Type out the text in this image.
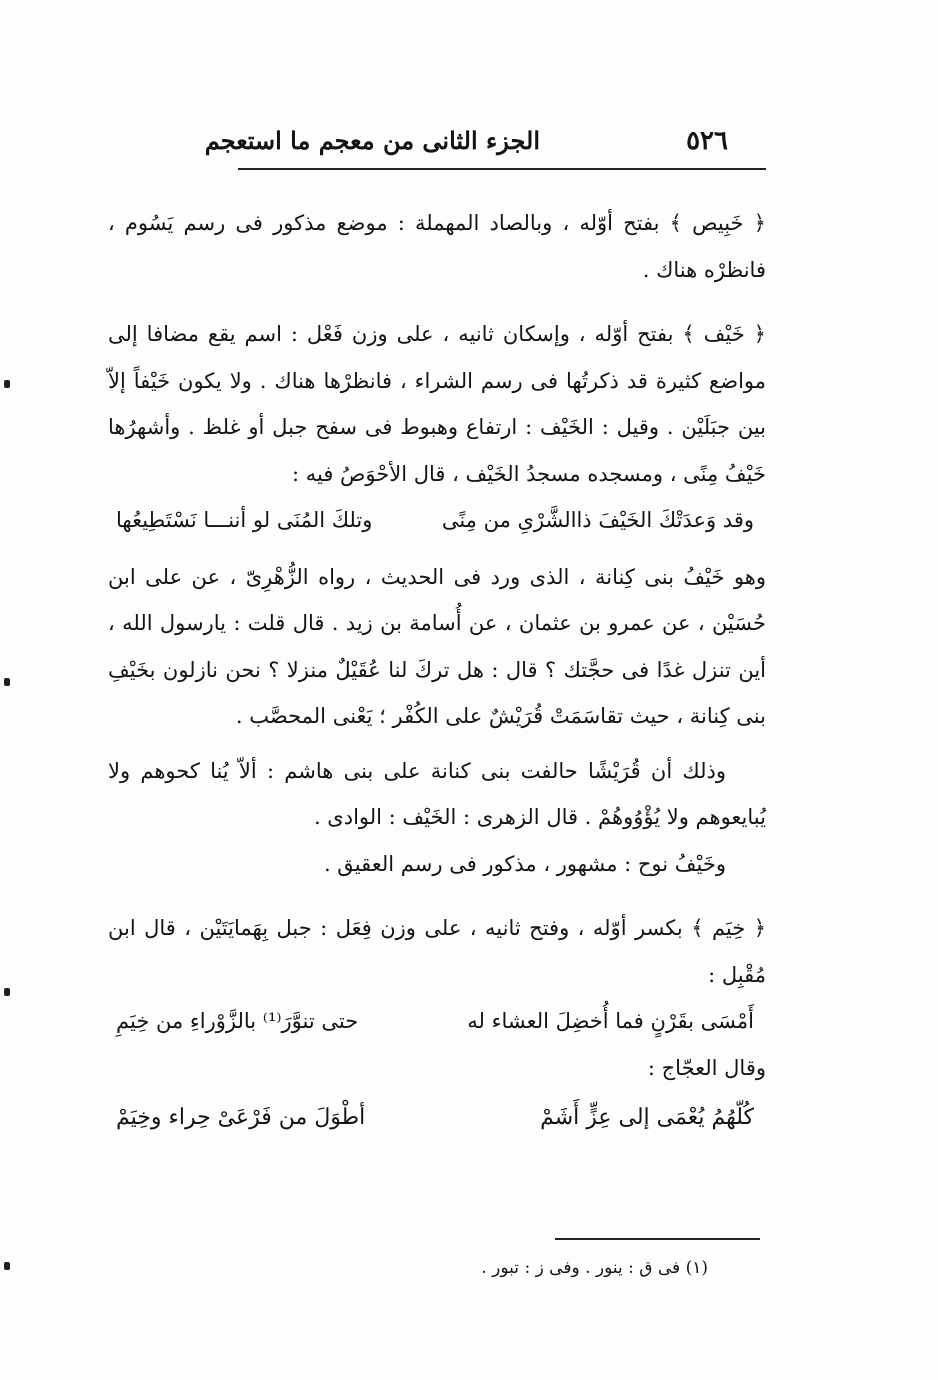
٥٢٦
الجزء الثانى من معجم ما استعجم

﴿ خَبِيص ﴾ بفتح أوّله ، وبالصاد المهملة : موضع مذكور فى رسم يَسُوم ، فانظرْه هناك .

﴿ خَيْف ﴾ بفتح أوّله ، وإسكان ثانيه ، على وزن فَعْل : اسم يقع مضافا إلى مواضع كثيرة قد ذكرتُها فى رسم الشراء ، فانظرْها هناك . ولا يكون خَيْفاً إلاّ بين جبَلَيْن . وقيل : الخَيْف : ارتفاع وهبوط فى سفح جبل أو غلظ . وأشهرُها خَيْفُ مِنًى ، ومسجده مسجدُ الخَيْف ، قال الأحْوَصُ فيه :

وقد وَعدَتْكَ الخَيْفَ ذاالشَّرْىِ من مِنًى
وتلكَ المُنَى لو أننـــا نَسْتَطِيعُها

وهو خَيْفُ بنى كِنانة ، الذى ورد فى الحديث ، رواه الزُّهْرِىّ ، عن على ابن حُسَيْن ، عن عمرو بن عثمان ، عن أُسامة بن زيد . قال قلت : يارسول الله ، أين تنزل غدًا فى حجَّتك ؟ قال : هل تركَ لنا عُقَيْلٌ منزلا ؟ نحن نازلون بخَيْفِ بنى كِنانة ، حيث تقاسَمَتْ قُرَيْشٌ على الكُفْر ؛ يَعْنى المحصَّب .

وذلك أن قُرَيْشًا حالفت بنى كنانة على بنى هاشم : ألاّ يُنا كحوهم ولا يُبايعوهم ولا يُؤْوُوهُمْ . قال الزهرى : الخَيْف : الوادى .

وخَيْفُ نوح : مشهور ، مذكور فى رسم العقيق .

﴿ خِيَم ﴾ بكسر أوّله ، وفتح ثانيه ، على وزن فِعَل : جبل بِهَمايَتَيْن ، قال ابن مُقْبِل :

أَمْسَى بقَرْنٍ فما أُخضِلَ العشاء له
حتى تنوَّرَ⁽¹⁾ بالزَّوْراءِ من خِيَمِ

وقال العجّاج :

كُلّهُمُ يُعْمَى إلى عِزٍّ أَشَمْ
أطْوَلَ من فَرْعَىْ حِراء وخِيَمْ
(١) فى ق : ينور . وفى ز : تبور .
